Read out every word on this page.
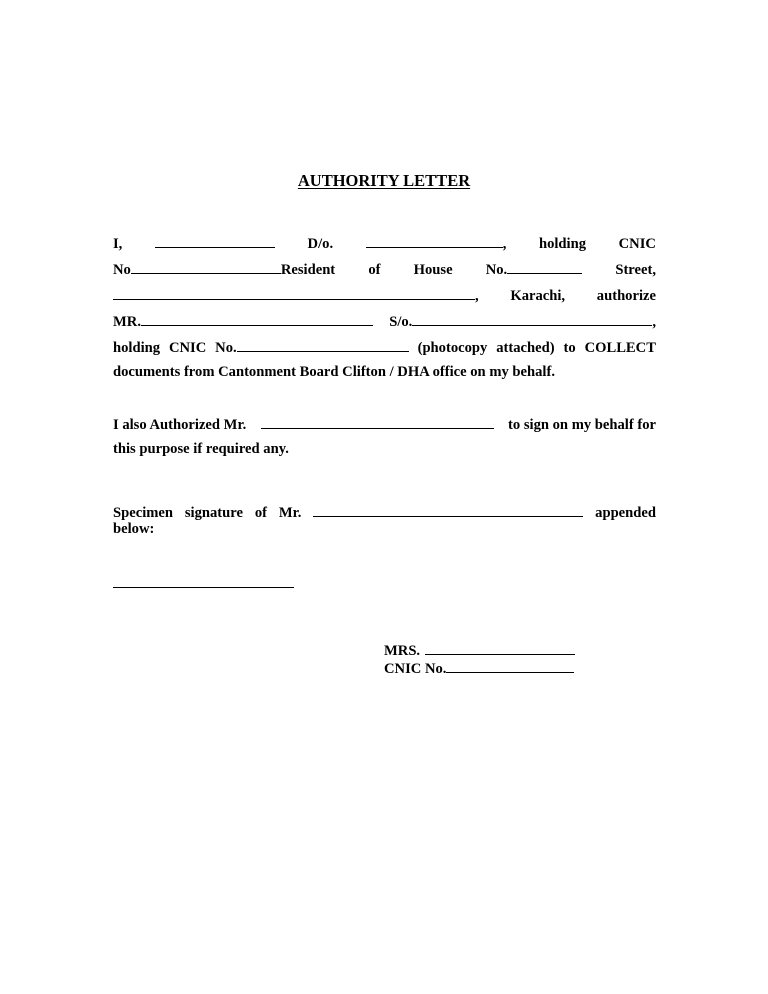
AUTHORITY LETTER
I,	D/o.	, holding CNIC
No	Resident of House No.	Street,
, Karachi, authorize
MR.	S/o.	,
holding CNIC No.	(photocopy attached) to COLLECT
documents from Cantonment Board Clifton / DHA office on my behalf.
I also Authorized Mr.	to sign on my behalf for
this purpose if required any.
Specimen signature of Mr.	appended
below:
MRS.
CNIC No.
